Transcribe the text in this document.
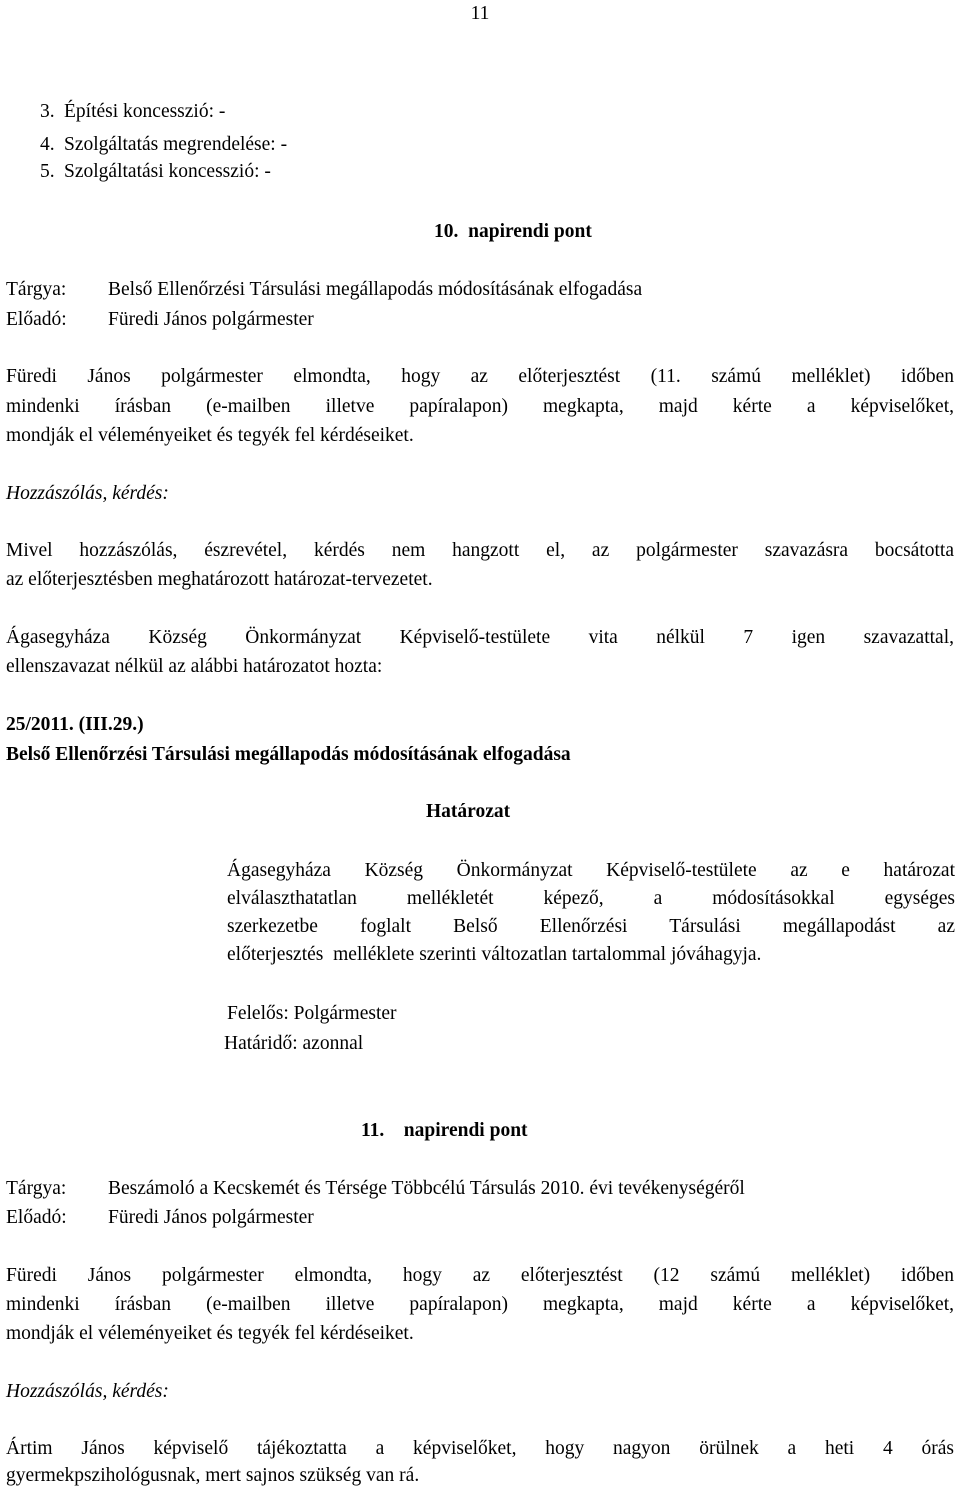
11
3. Építési koncesszió: -
4. Szolgáltatás megrendelése: -
5. Szolgáltatási koncesszió: -
10.  napirendi pont
Tárgya: Belső Ellenőrzési Társulási megállapodás módosításának elfogadása
Előadó: Füredi János polgármester
Füredi János polgármester elmondta, hogy az előterjesztést (11. számú melléklet) időben
mindenki írásban (e-mailben illetve papíralapon) megkapta, majd kérte a képviselőket,
mondják el véleményeiket és tegyék fel kérdéseiket.
Hozzászólás, kérdés:
Mivel hozzászólás, észrevétel, kérdés nem hangzott el, az polgármester szavazásra bocsátotta
az előterjesztésben meghatározott határozat-tervezetet.
Ágasegyháza Község Önkormányzat Képviselő-testülete vita nélkül 7 igen szavazattal,
ellenszavazat nélkül az alábbi határozatot hozta:
25/2011. (III.29.)
Belső Ellenőrzési Társulási megállapodás módosításának elfogadása
Határozat
Ágasegyháza Község Önkormányzat Képviselő-testülete az e határozat
elválaszthatatlan mellékletét képező, a módosításokkal egységes
szerkezetbe foglalt Belső Ellenőrzési Társulási megállapodást az
előterjesztés  melléklete szerinti változatlan tartalommal jóváhagyja.
Felelős: Polgármester
Határidő: azonnal
11.    napirendi pont
Tárgya: Beszámoló a Kecskemét és Térsége Többcélú Társulás 2010. évi tevékenységéről
Előadó: Füredi János polgármester
Füredi János polgármester elmondta, hogy az előterjesztést (12 számú melléklet) időben
mindenki írásban (e-mailben illetve papíralapon) megkapta, majd kérte a képviselőket,
mondják el véleményeiket és tegyék fel kérdéseiket.
Hozzászólás, kérdés:
Ártim János képviselő tájékoztatta a képviselőket, hogy nagyon örülnek a heti 4 órás
gyermekpszihológusnak, mert sajnos szükség van rá.
